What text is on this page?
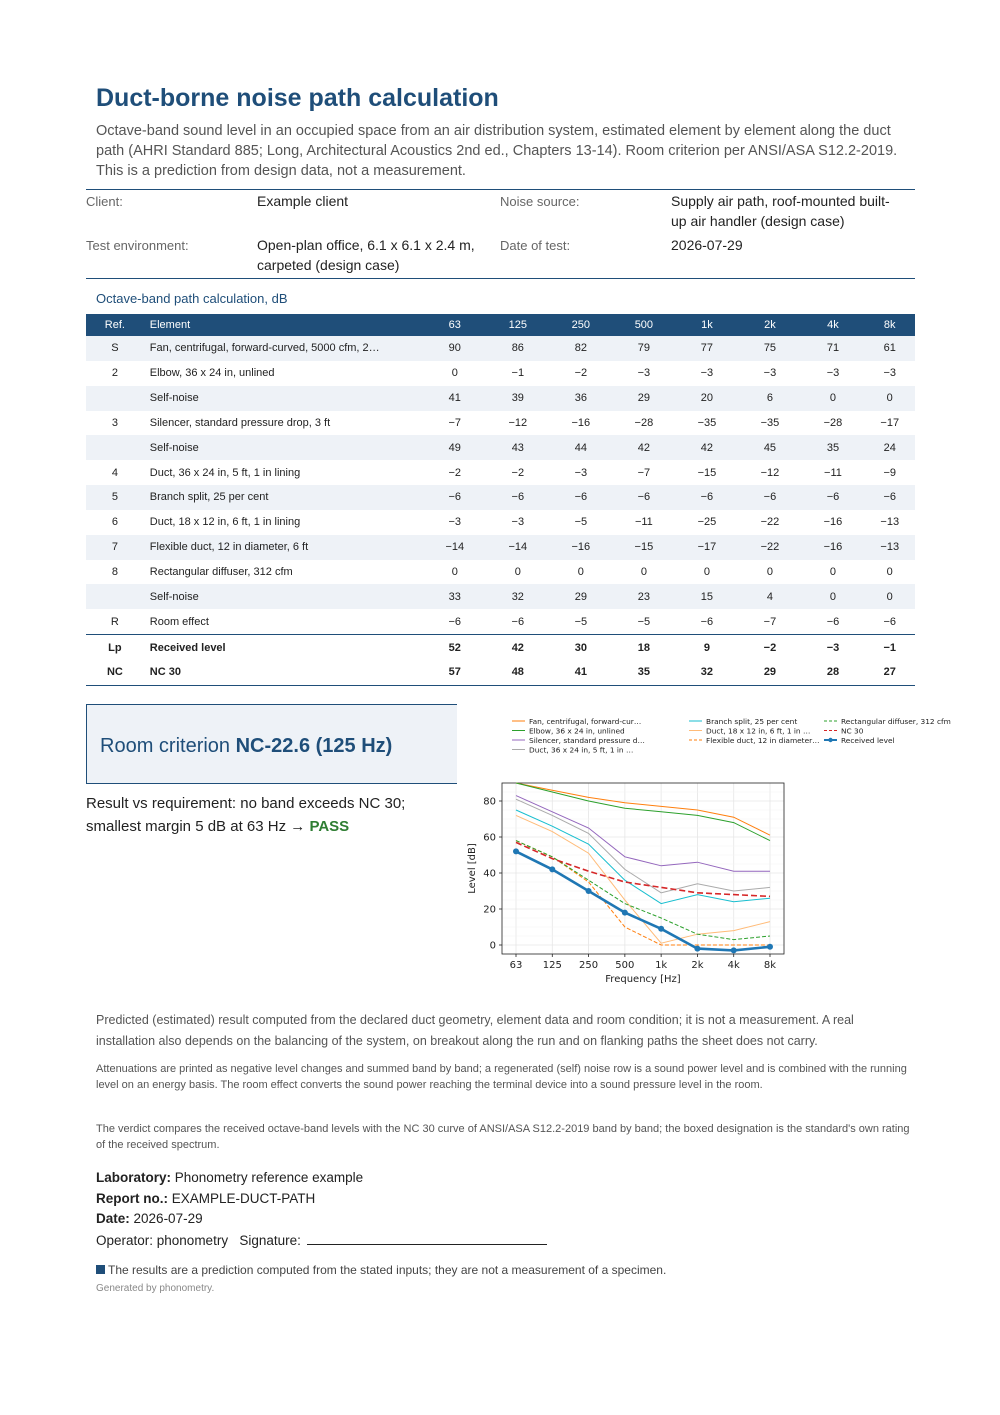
Duct-borne noise path calculation

Octave-band sound level in an occupied space from an air distribution system, estimated element by element along the duct path (AHRI Standard 885; Long, Architectural Acoustics 2nd ed., Chapters 13-14). Room criterion per ANSI/ASA S12.2-2019. This is a prediction from design data, not a measurement.

Client:	Example client	Noise source:	Supply air path, roof-mounted built-up air handler (design case)
Test environment:	Open-plan office, 6.1 x 6.1 x 2.4 m, carpeted (design case)
Date of test:	2026-07-29
Octave-band path calculation, dB
Ref.	Element	63	125	250	500	1k	2k	4k	8k
S	Fan, centrifugal, forward-curved, 5000 cfm, 2…	90	86	82	79	77	75	71	61
2	Elbow, 36 x 24 in, unlined	0	−1	−2	−3	−3	−3	−3	−3
	Self-noise	41	39	36	29	20	6	0	0
3	Silencer, standard pressure drop, 3 ft	−7	−12	−16	−28	−35	−35	−28	−17
	Self-noise	49	43	44	42	42	45	35	24
4	Duct, 36 x 24 in, 5 ft, 1 in lining	−2	−2	−3	−7	−15	−12	−11	−9
5	Branch split, 25 per cent	−6	−6	−6	−6	−6	−6	−6	−6
6	Duct, 18 x 12 in, 6 ft, 1 in lining	−3	−3	−5	−11	−25	−22	−16	−13
7	Flexible duct, 12 in diameter, 6 ft	−14	−14	−16	−15	−17	−22	−16	−13
8	Rectangular diffuser, 312 cfm	0	0	0	0	0	0	0	0
	Self-noise	33	32	29	23	15	4	0	0
R	Room effect	−6	−6	−5	−5	−6	−7	−6	−6
Lp	Received level	52	42	30	18	9	−2	−3	−1
NC	NC 30	57	48	41	35	32	29	28	27
Room criterion NC-22.6 (125 Hz)
Result vs requirement: no band exceeds NC 30; smallest margin 5 dB at 63 Hz → PASS
Predicted (estimated) result computed from the declared duct geometry, element data and room condition; it is not a measurement. A real installation also depends on the balancing of the system, on breakout along the run and on flanking paths the sheet does not carry.
Attenuations are printed as negative level changes and summed band by band; a regenerated (self) noise row is a sound power level and is combined with the running level on an energy basis. The room effect converts the sound power reaching the terminal device into a sound pressure level in the room.
The verdict compares the received octave-band levels with the NC 30 curve of ANSI/ASA S12.2-2019 band by band; the boxed designation is the standard's own rating of the received spectrum.
Laboratory: Phonometry reference example
Report no.: EXAMPLE-DUCT-PATH
Date: 2026-07-29
Operator: phonometry Signature:
The results are a prediction computed from the stated inputs; they are not a measurement of a specimen.
Generated by phonometry.
63 125 250 500 1k 2k 4k 8k
0
20
40
60
80
Frequency [Hz]
Level [dB]
Fan, centrifugal, forward-cur…
Elbow, 36 x 24 in, unlined
Silencer, standard pressure d…
Duct, 36 x 24 in, 5 ft, 1 in …
Branch split, 25 per cent
Duct, 18 x 12 in, 6 ft, 1 in …
Flexible duct, 12 in diameter…
Rectangular diffuser, 312 cfm
NC 30
Received level
